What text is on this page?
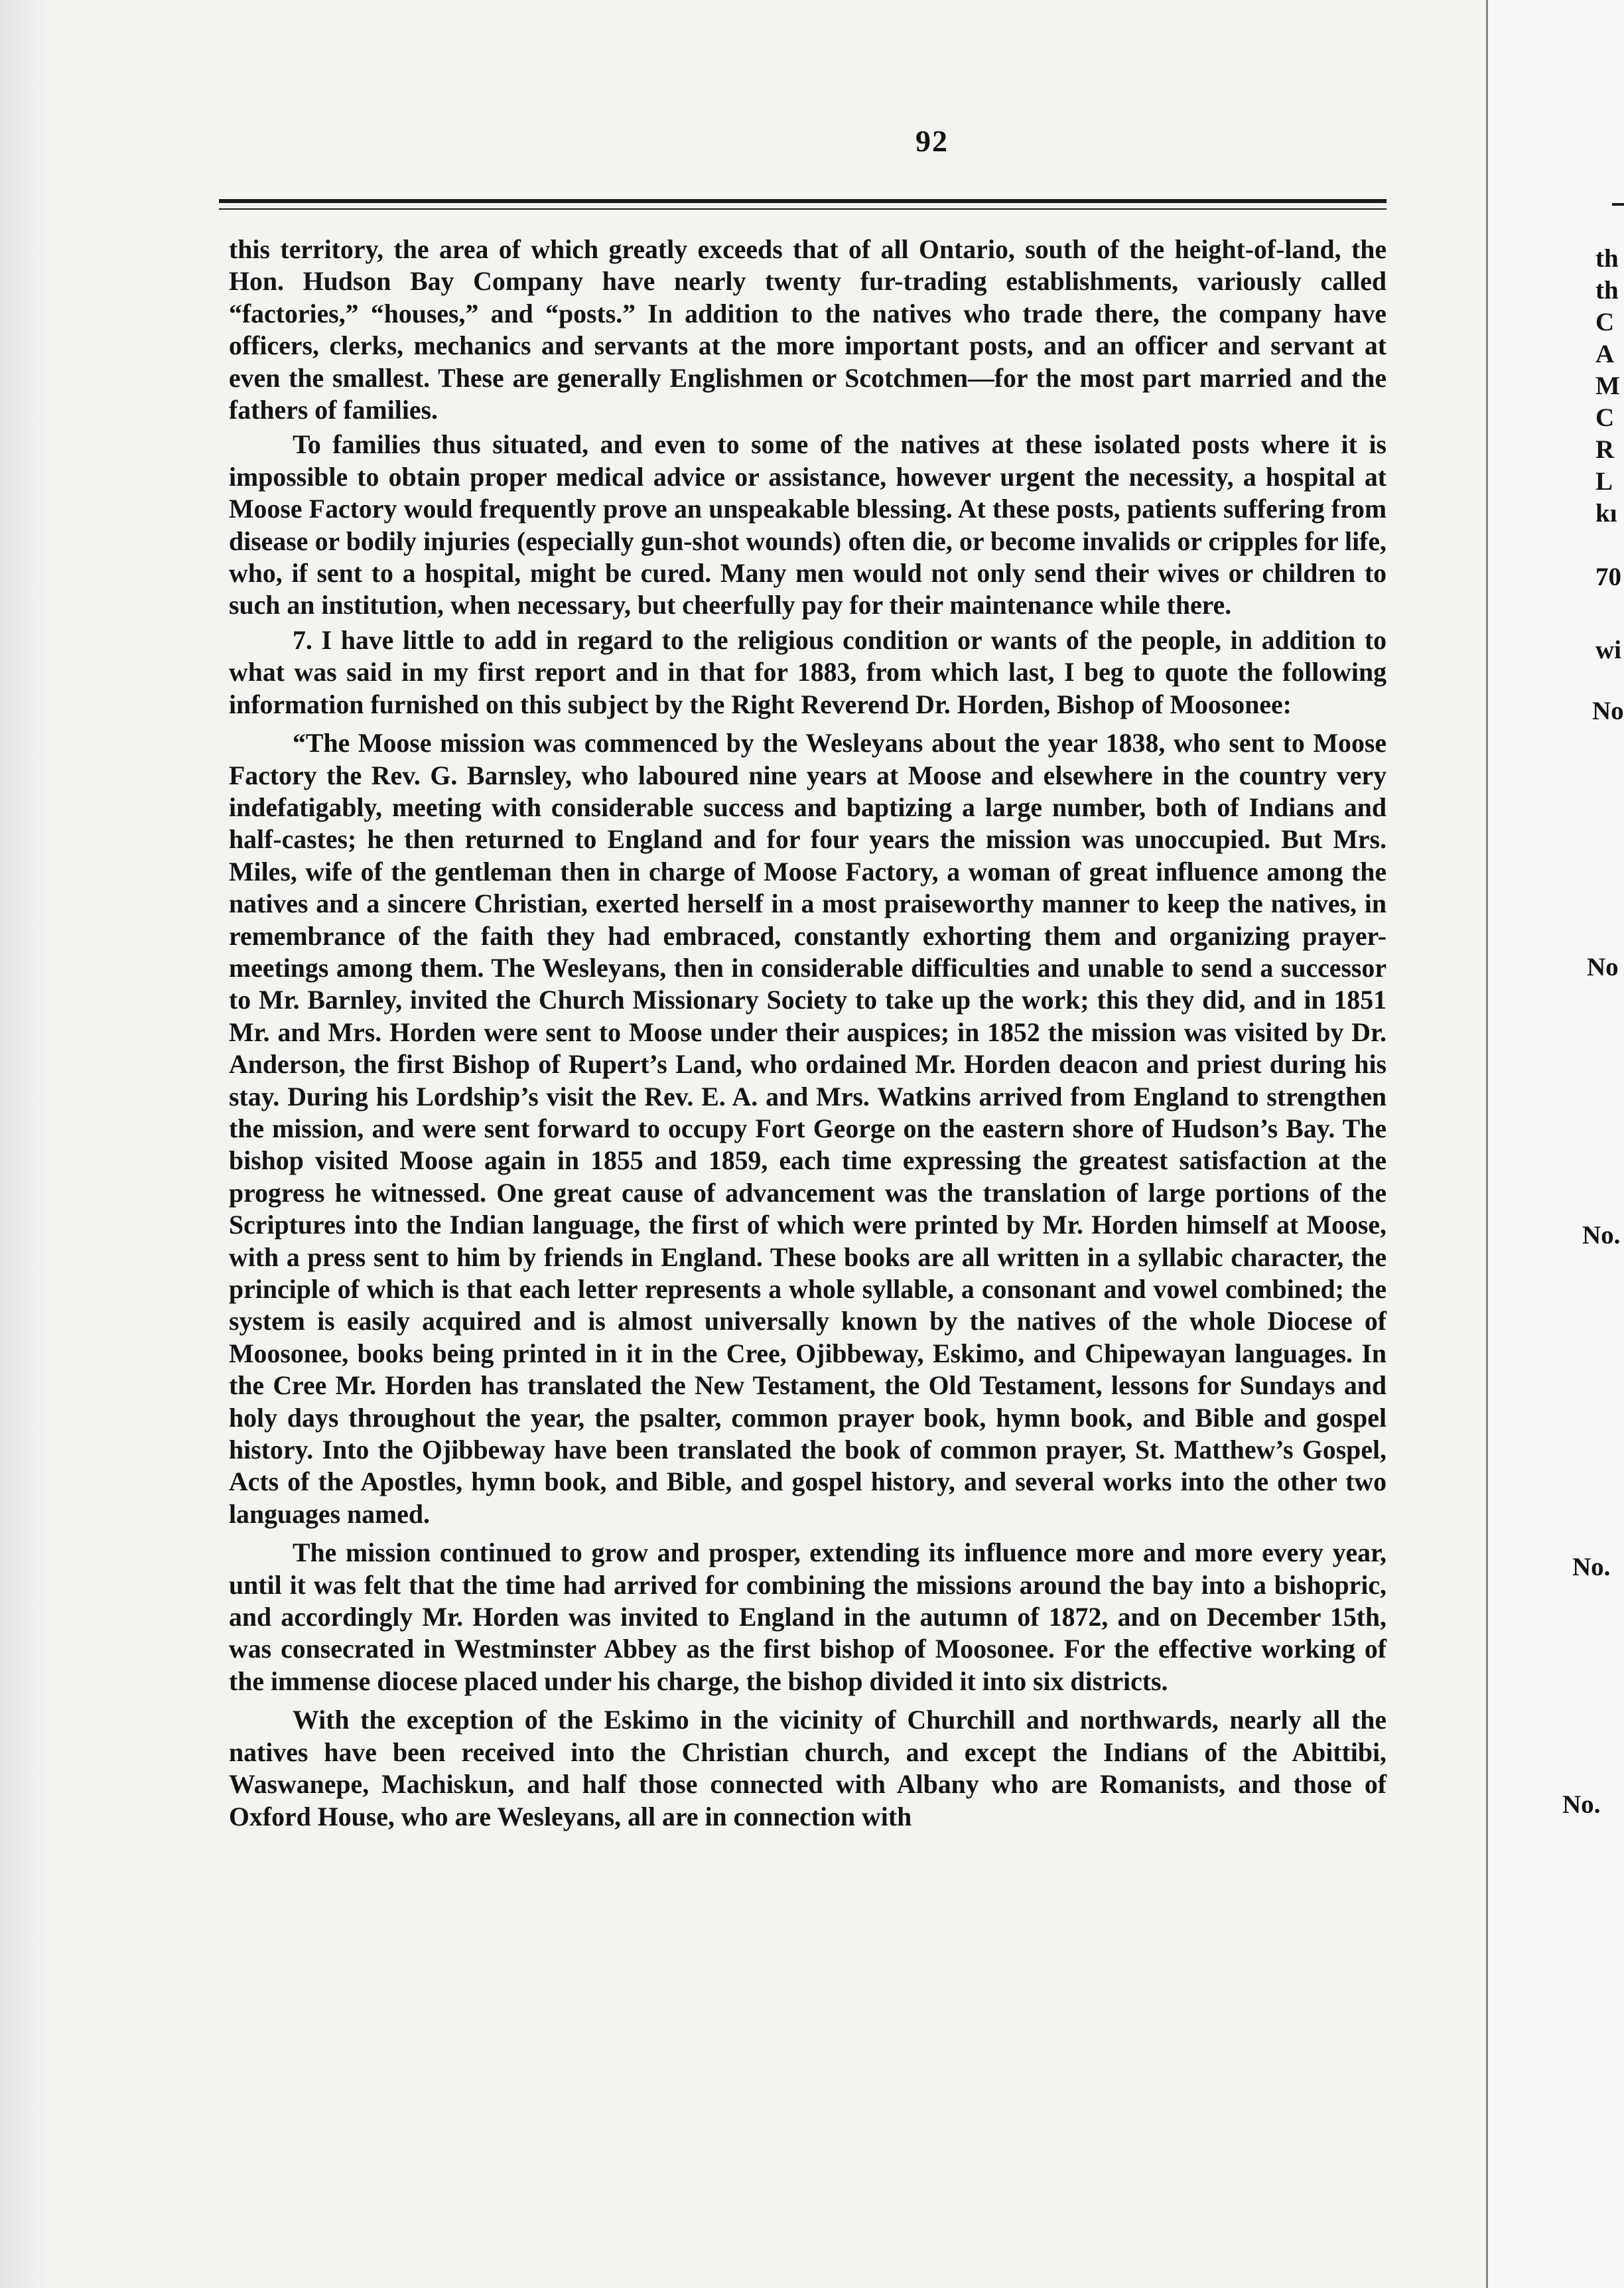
92

this territory, the area of which greatly exceeds that of all Ontario, south of the height-of-land, the Hon. Hudson Bay Company have nearly twenty fur-trading establishments, variously called “factories,” “houses,” and “posts.” In addition to the natives who trade there, the company have officers, clerks, mechanics and servants at the more important posts, and an officer and servant at even the smallest. These are generally Englishmen or Scotchmen—for the most part married and the fathers of families.

To families thus situated, and even to some of the natives at these isolated posts where it is impossible to obtain proper medical advice or assistance, however urgent the necessity, a hospital at Moose Factory would frequently prove an unspeakable blessing. At these posts, patients suffering from disease or bodily injuries (especially gun-shot wounds) often die, or become invalids or cripples for life, who, if sent to a hospital, might be cured. Many men would not only send their wives or children to such an institution, when necessary, but cheerfully pay for their maintenance while there.

7. I have little to add in regard to the religious condition or wants of the people, in addition to what was said in my first report and in that for 1883, from which last, I beg to quote the following information furnished on this subject by the Right Reverend Dr. Horden, Bishop of Moosonee:

“The Moose mission was commenced by the Wesleyans about the year 1838, who sent to Moose Factory the Rev. G. Barnsley, who laboured nine years at Moose and elsewhere in the country very indefatigably, meeting with considerable success and baptizing a large number, both of Indians and half-castes; he then returned to England and for four years the mission was unoccupied. But Mrs. Miles, wife of the gentleman then in charge of Moose Factory, a woman of great influence among the natives and a sincere Christian, exerted herself in a most praiseworthy manner to keep the natives, in remembrance of the faith they had embraced, constantly exhorting them and organizing prayer-meetings among them. The Wesleyans, then in considerable difficulties and unable to send a successor to Mr. Barnley, invited the Church Missionary Society to take up the work; this they did, and in 1851 Mr. and Mrs. Horden were sent to Moose under their auspices; in 1852 the mission was visited by Dr. Anderson, the first Bishop of Rupert’s Land, who ordained Mr. Horden deacon and priest during his stay. During his Lordship’s visit the Rev. E. A. and Mrs. Watkins arrived from England to strengthen the mission, and were sent forward to occupy Fort George on the eastern shore of Hudson’s Bay. The bishop visited Moose again in 1855 and 1859, each time expressing the greatest satisfaction at the progress he witnessed. One great cause of advancement was the translation of large portions of the Scriptures into the Indian language, the first of which were printed by Mr. Horden himself at Moose, with a press sent to him by friends in England. These books are all written in a syllabic character, the principle of which is that each letter represents a whole syllable, a consonant and vowel combined; the system is easily acquired and is almost universally known by the natives of the whole Diocese of Moosonee, books being printed in it in the Cree, Ojibbeway, Eskimo, and Chipewayan languages. In the Cree Mr. Horden has translated the New Testament, the Old Testament, lessons for Sundays and holy days throughout the year, the psalter, common prayer book, hymn book, and Bible and gospel history. Into the Ojibbeway have been translated the book of common prayer, St. Matthew’s Gospel, Acts of the Apostles, hymn book, and Bible, and gospel history, and several works into the other two languages named.

The mission continued to grow and prosper, extending its influence more and more every year, until it was felt that the time had arrived for combining the missions around the bay into a bishopric, and accordingly Mr. Horden was invited to England in the autumn of 1872, and on December 15th, was consecrated in Westminster Abbey as the first bishop of Moosonee. For the effective working of the immense diocese placed under his charge, the bishop divided it into six districts.

With the exception of the Eskimo in the vicinity of Churchill and northwards, nearly all the natives have been received into the Christian church, and except the Indians of the Abittibi, Waswanepe, Machiskun, and half those connected with Albany who are Romanists, and those of Oxford House, who are Wesleyans, all are in connection with

th
th
C
A
M
C
R
L
kı
70
wi
No
No
No.
No.
No.
